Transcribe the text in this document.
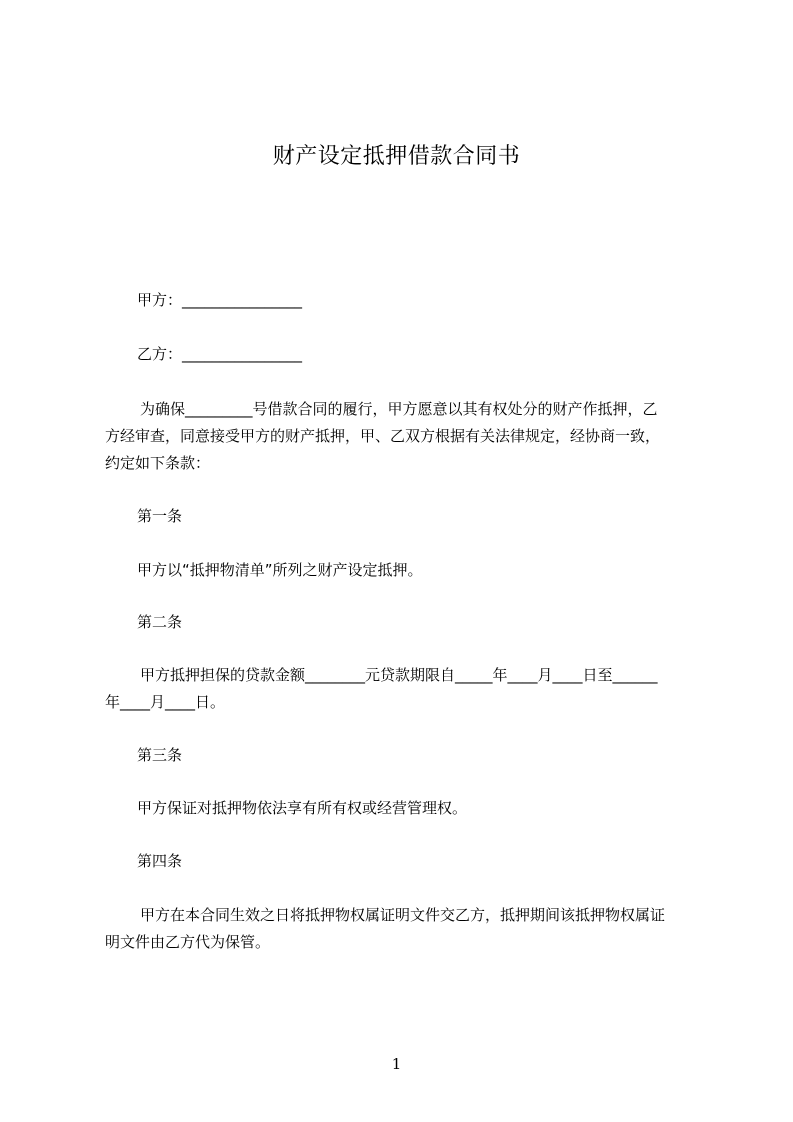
财产设定抵押借款合同书
甲方：________________
乙方：________________
为确保_________号借款合同的履行，甲方愿意以其有权处分的财产作抵押，乙
方经审查，同意接受甲方的财产抵押，甲、乙双方根据有关法律规定，经协商一致，
约定如下条款：
第一条
甲方以“抵押物清单”所列之财产设定抵押。
第二条
甲方抵押担保的贷款金额________元贷款期限自_____年____月____日至______
年____月____日。
第三条
甲方保证对抵押物依法享有所有权或经营管理权。
第四条
甲方在本合同生效之日将抵押物权属证明文件交乙方，抵押期间该抵押物权属证
明文件由乙方代为保管。
1
